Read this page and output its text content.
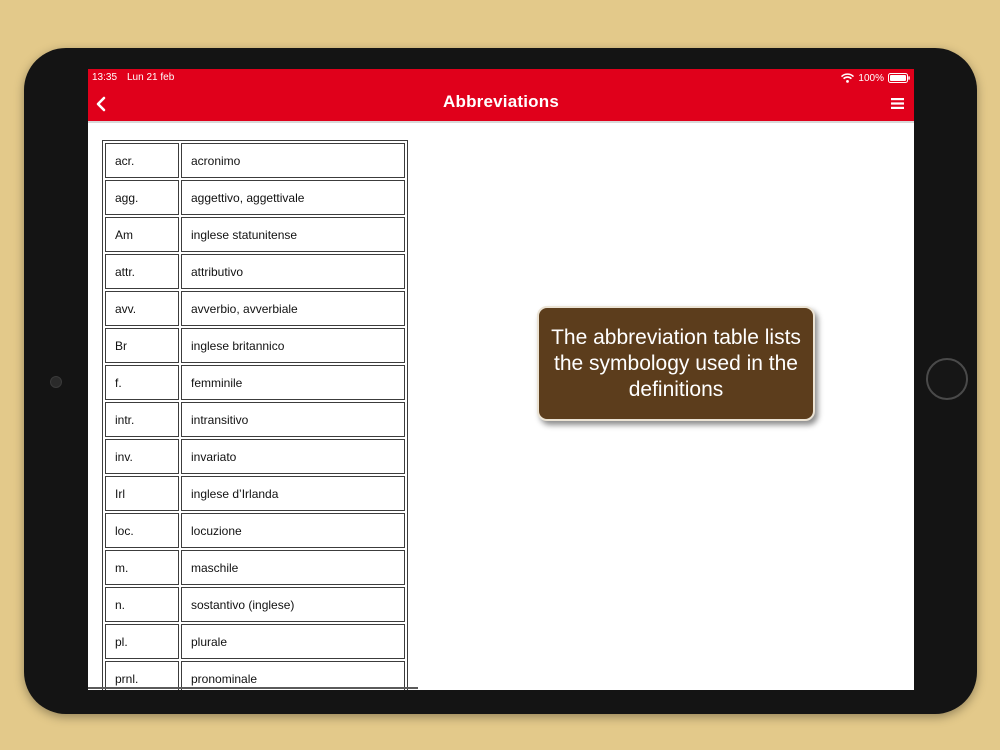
13:35 Lun 21 feb	100%
Abbreviations
acr.	acronimo
agg.	aggettivo, aggettivale
Am	inglese statunitense
attr.	attributivo
avv.	avverbio, avverbiale
Br	inglese britannico
f.	femminile
intr.	intransitivo
inv.	invariato
Irl	inglese d’Irlanda
loc.	locuzione
m.	maschile
n.	sostantivo (inglese)
pl.	plurale
prnl.	pronominale
The abbreviation table lists the symbology used in the definitions
